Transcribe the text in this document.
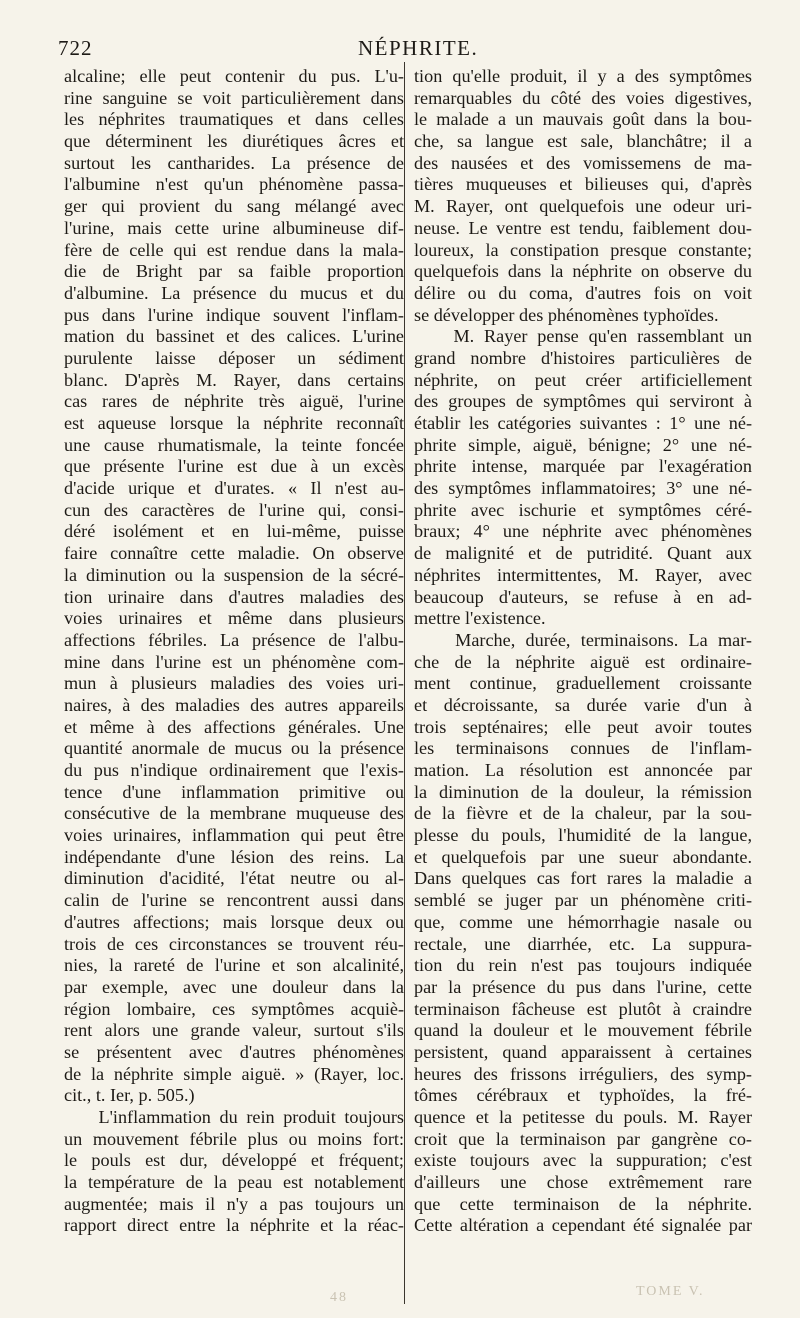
722	NÉPHRITE.
alcaline; elle peut contenir du pus. L'u-
rine sanguine se voit particulièrement dans
les néphrites traumatiques et dans celles
que déterminent les diurétiques âcres et
surtout les cantharides. La présence de
l'albumine n'est qu'un phénomène passa-
ger qui provient du sang mélangé avec
l'urine, mais cette urine albumineuse dif-
fère de celle qui est rendue dans la mala-
die de Bright par sa faible proportion
d'albumine. La présence du mucus et du
pus dans l'urine indique souvent l'inflam-
mation du bassinet et des calices. L'urine
purulente laisse déposer un sédiment
blanc. D'après M. Rayer, dans certains
cas rares de néphrite très aiguë, l'urine
est aqueuse lorsque la néphrite reconnaît
une cause rhumatismale, la teinte foncée
que présente l'urine est due à un excès
d'acide urique et d'urates. « Il n'est au-
cun des caractères de l'urine qui, consi-
déré isolément et en lui-même, puisse
faire connaître cette maladie. On observe
la diminution ou la suspension de la sécré-
tion urinaire dans d'autres maladies des
voies urinaires et même dans plusieurs
affections fébriles. La présence de l'albu-
mine dans l'urine est un phénomène com-
mun à plusieurs maladies des voies uri-
naires, à des maladies des autres appareils
et même à des affections générales. Une
quantité anormale de mucus ou la présence
du pus n'indique ordinairement que l'exis-
tence d'une inflammation primitive ou
consécutive de la membrane muqueuse des
voies urinaires, inflammation qui peut être
indépendante d'une lésion des reins. La
diminution d'acidité, l'état neutre ou al-
calin de l'urine se rencontrent aussi dans
d'autres affections; mais lorsque deux ou
trois de ces circonstances se trouvent réu-
nies, la rareté de l'urine et son alcalinité,
par exemple, avec une douleur dans la
région lombaire, ces symptômes acquiè-
rent alors une grande valeur, surtout s'ils
se présentent avec d'autres phénomènes
de la néphrite simple aiguë. » (Rayer, loc.
cit., t. Ier, p. 505.)
L'inflammation du rein produit toujours
un mouvement fébrile plus ou moins fort:
le pouls est dur, développé et fréquent;
la température de la peau est notablement
augmentée; mais il n'y a pas toujours un
rapport direct entre la néphrite et la réac-
tion qu'elle produit, il y a des symptômes
remarquables du côté des voies digestives,
le malade a un mauvais goût dans la bou-
che, sa langue est sale, blanchâtre; il a
des nausées et des vomissemens de ma-
tières muqueuses et bilieuses qui, d'après
M. Rayer, ont quelquefois une odeur uri-
neuse. Le ventre est tendu, faiblement dou-
loureux, la constipation presque constante;
quelquefois dans la néphrite on observe du
délire ou du coma, d'autres fois on voit
se développer des phénomènes typhoïdes.
M. Rayer pense qu'en rassemblant un
grand nombre d'histoires particulières de
néphrite, on peut créer artificiellement
des groupes de symptômes qui serviront à
établir les catégories suivantes : 1° une né-
phrite simple, aiguë, bénigne; 2° une né-
phrite intense, marquée par l'exagération
des symptômes inflammatoires; 3° une né-
phrite avec ischurie et symptômes céré-
braux; 4° une néphrite avec phénomènes
de malignité et de putridité. Quant aux
néphrites intermittentes, M. Rayer, avec
beaucoup d'auteurs, se refuse à en ad-
mettre l'existence.
Marche, durée, terminaisons. La mar-
che de la néphrite aiguë est ordinaire-
ment continue, graduellement croissante
et décroissante, sa durée varie d'un à
trois septénaires; elle peut avoir toutes
les terminaisons connues de l'inflam-
mation. La résolution est annoncée par
la diminution de la douleur, la rémission
de la fièvre et de la chaleur, par la sou-
plesse du pouls, l'humidité de la langue,
et quelquefois par une sueur abondante.
Dans quelques cas fort rares la maladie a
semblé se juger par un phénomène criti-
que, comme une hémorrhagie nasale ou
rectale, une diarrhée, etc. La suppura-
tion du rein n'est pas toujours indiquée
par la présence du pus dans l'urine, cette
terminaison fâcheuse est plutôt à craindre
quand la douleur et le mouvement fébrile
persistent, quand apparaissent à certaines
heures des frissons irréguliers, des symp-
tômes cérébraux et typhoïdes, la fré-
quence et la petitesse du pouls. M. Rayer
croit que la terminaison par gangrène co-
existe toujours avec la suppuration; c'est
d'ailleurs une chose extrêmement rare
que cette terminaison de la néphrite.
Cette altération a cependant été signalée par
TOME V.
48
